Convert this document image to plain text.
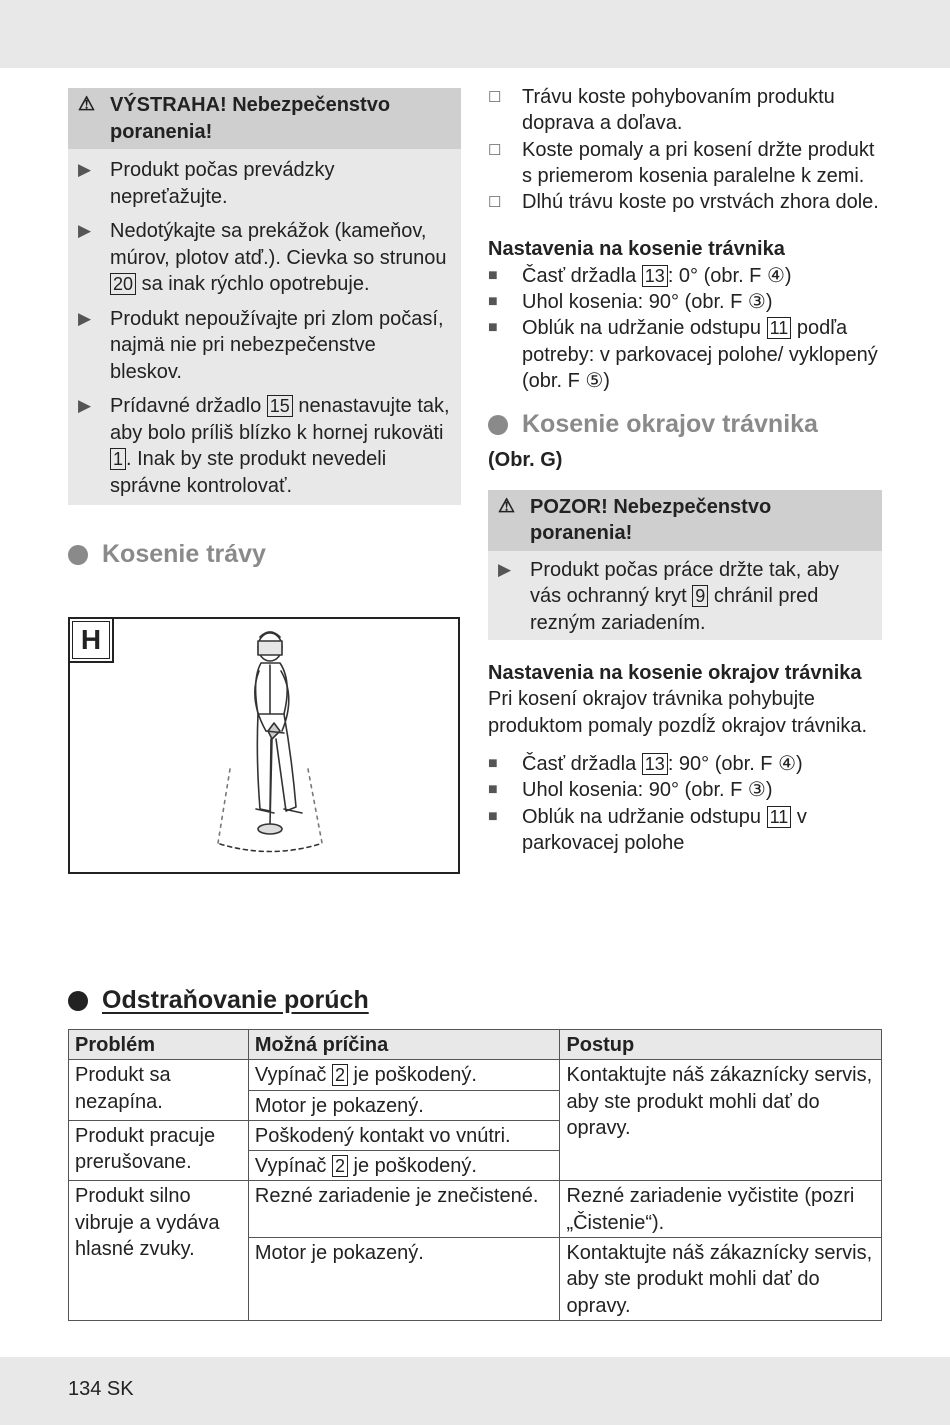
⚠ VÝSTRAHA! Nebezpečenstvo poranenia!
▶ Produkt počas prevádzky nepreťažujte.
▶ Nedotýkajte sa prekážok (kameňov, múrov, plotov atď.). Cievka so strunou 20 sa inak rýchlo opotrebuje.
▶ Produkt nepoužívajte pri zlom počasí, najmä nie pri nebezpečenstve bleskov.
▶ Prídavné držadlo 15 nenastavujte tak, aby bolo príliš blízko k hornej rukoväti 1 . Inak by ste produkt nevedeli správne kontrolovať.
Kosenie trávy
H
☐	Trávu koste pohybovaním produktu doprava a doľava.
☐	Koste pomaly a pri kosení držte produkt s priemerom kosenia paralelne k zemi.
☐	Dlhú trávu koste po vrstvách zhora dole.
Nastavenia na kosenie trávnika
■	Časť držadla 13 : 0° (obr. F ④)
■	Uhol kosenia: 90° (obr. F ③)
■	Oblúk na udržanie odstupu 11 podľa potreby: v parkovacej polohe/ vyklopený (obr. F ⑤)
Kosenie okrajov trávnika
(Obr. G)
⚠ POZOR! Nebezpečenstvo poranenia!
▶ Produkt počas práce držte tak, aby vás ochranný kryt 9 chránil pred rezným zariadením.
Nastavenia na kosenie okrajov trávnika
Pri kosení okrajov trávnika pohybujte produktom pomaly pozdĺž okrajov trávnika.
■	Časť držadla 13 : 90° (obr. F ④)
■	Uhol kosenia: 90° (obr. F ③)
■	Oblúk na udržanie odstupu 11 v parkovacej polohe
Odstraňovanie porúch
Problém	Možná príčina	Postup
Produkt sa nezapína.	Vypínač 2 je poškodený.	Kontaktujte náš zákaznícky servis, aby ste produkt mohli dať do opravy.
	Motor je pokazený.	
Produkt pracuje prerušovane.	Poškodený kontakt vo vnútri.	
	Vypínač 2 je poškodený.	
Produkt silno vibruje a vydáva hlasné zvuky.	Rezné zariadenie je znečistené.	Rezné zariadenie vyčistite (pozri „Čistenie“).
	Motor je pokazený.	Kontaktujte náš zákaznícky servis, aby ste produkt mohli dať do opravy.
134 SK
